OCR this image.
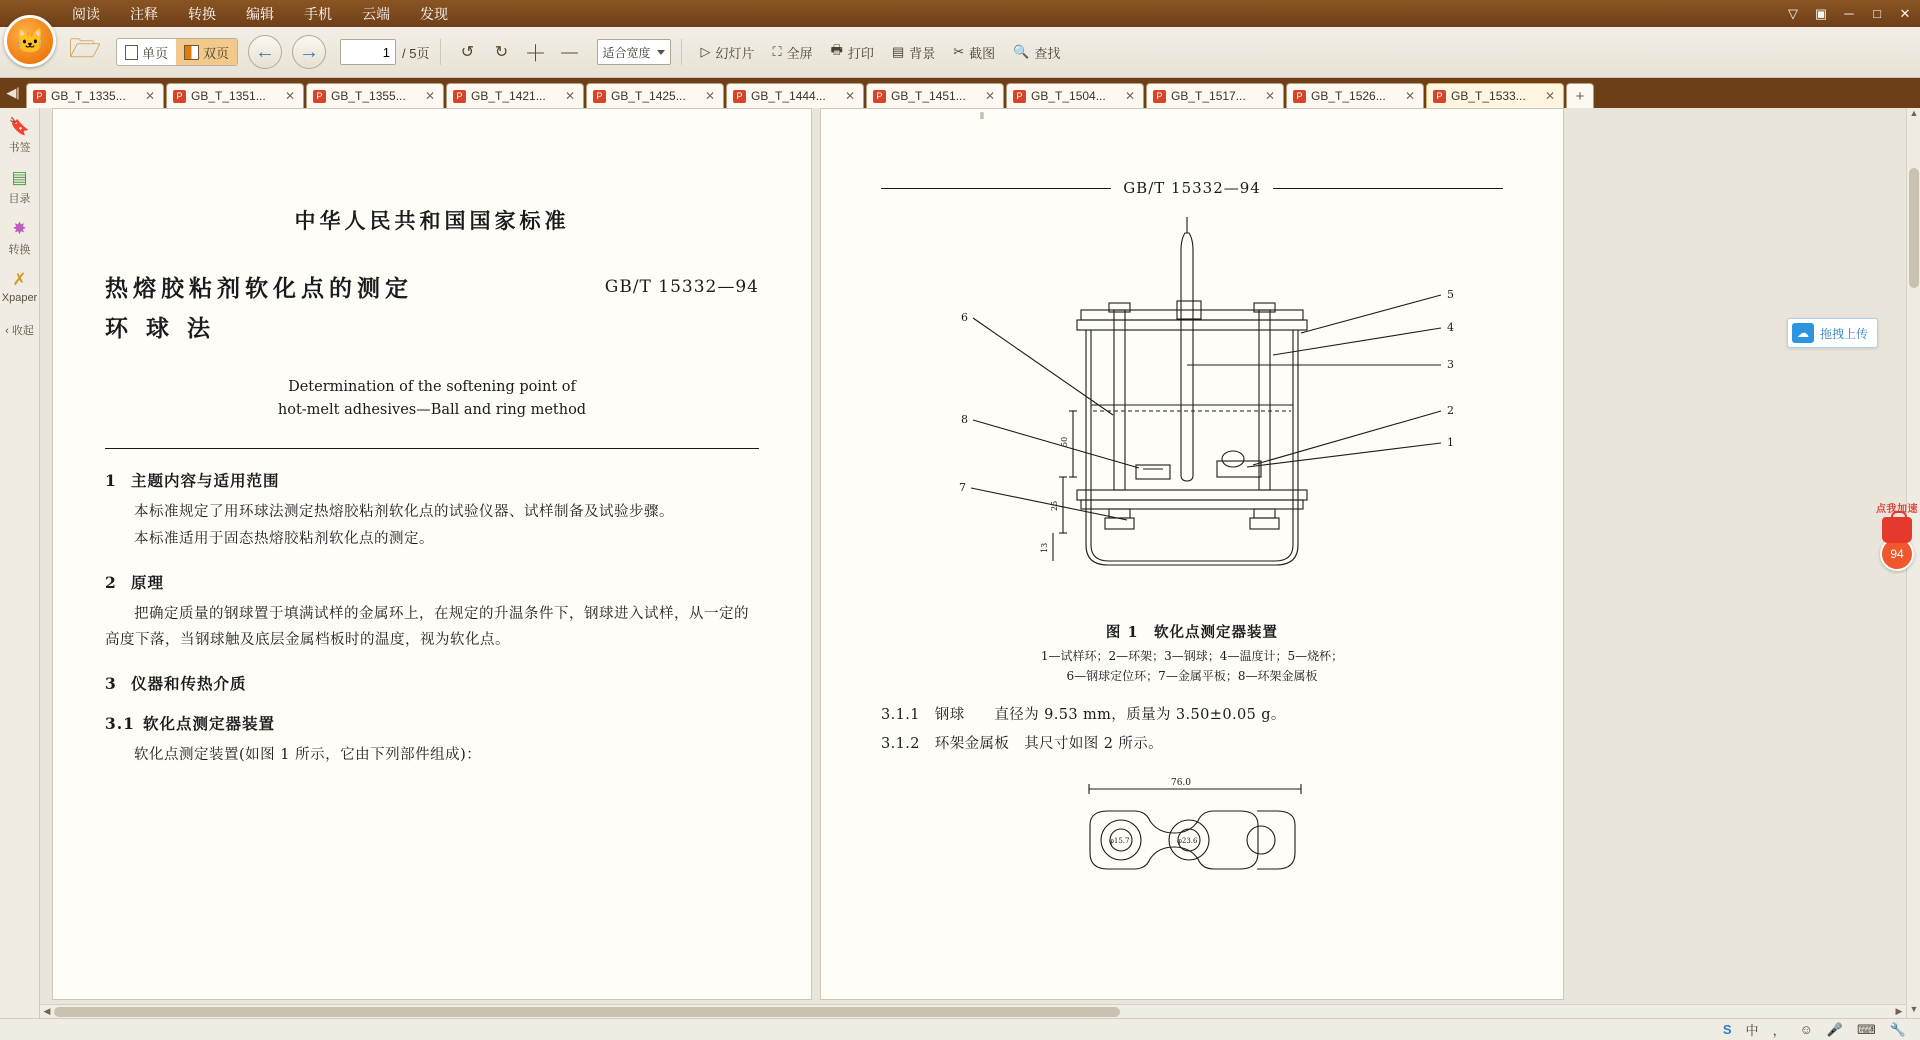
阅读 注释 转换 编辑 手机 云端 发现	▽ ▣ ─ □ ✕
🐱 🗁	单页	双页	←	→
1	/ 5页	↺	↻ ＋ －	适合宽度	▷ 幻灯片 ⛶ 全屏 🖶 打印 ▤ 背景 ✂ 截图 🔍 查找
◀|	P GB_T_1335...	✕	P GB_T_1351...	✕	P GB_T_1355...	✕	P GB_T_1421...	✕	P GB_T_1425...	✕	P GB_T_1444...	✕	P GB_T_1451...	✕	P GB_T_1504...	✕	P GB_T_1517...	✕	P GB_T_1526...	✕	P GB_T_1533...	✕	+
🔖
书签
▤
目录
✸
转换
✗
Xpaper
‹ 收起
中华人民共和国国家标准
热熔胶粘剂软化点的测定
环 球 法
GB/T 15332—94
Determination of the softening point of
hot-melt adhesives—Ball and ring method
1 主题内容与适用范围
本标准规定了用环球法测定热熔胶粘剂软化点的试验仪器、试样制备及试验步骤。
本标准适用于固态热熔胶粘剂软化点的测定。
2 原理
把确定质量的钢球置于填满试样的金属环上，在规定的升温条件下，钢球进入试样，从一定的高度下落，当钢球触及底层金属档板时的温度，视为软化点。
3 仪器和传热介质
3.1 软化点测定器装置
软化点测定装置(如图 1 所示，它由下列部件组成)：
GB/T 15332—94
6
8
7
5
4
3
2
1
50
25
13
图 1　软化点测定器装置
1—试样环；2—环架；3—钢球；4—温度计；5—烧杯；
6—钢球定位环；7—金属平板；8—环架金属板
3.1.1　钢球　　直径为 9.53 mm，质量为 3.50±0.05 g。
3.1.2　环架金属板　其尺寸如图 2 所示。
76.0
φ15.7	φ23.6
⦀	▲
▼
◀	▶
☁ 拖拽上传
点我加速
94
S 中 ， ☺ 🎤 ⌨ 🔧
